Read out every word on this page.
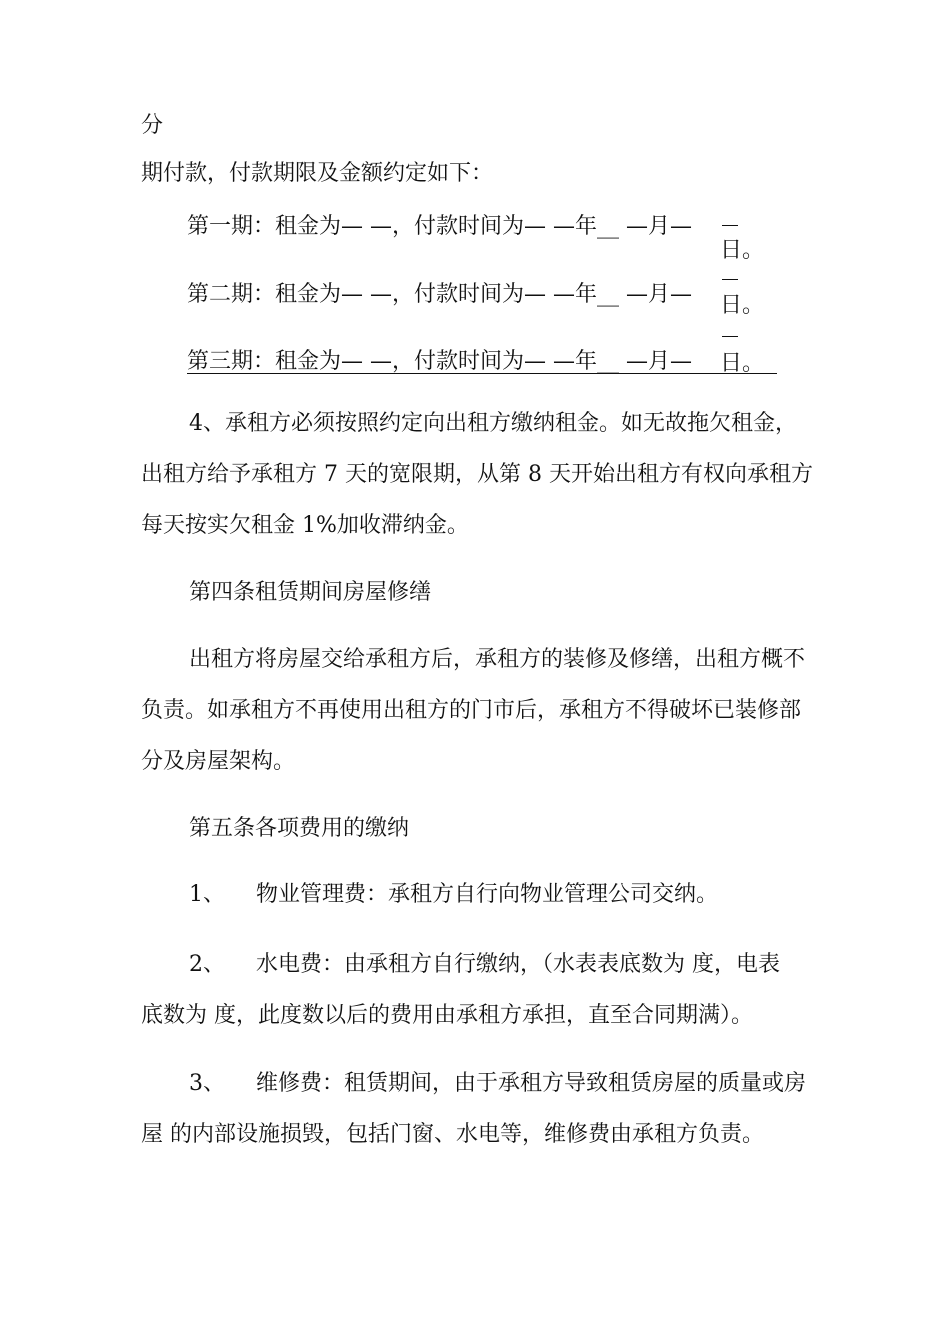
分
期付款，付款期限及金额约定如下：
第一期：租金为— —，付款时间为— —年__ —月—
日。
第二期：租金为— —，付款时间为— —年__ —月— 日。
第三期：租金为— —，付款时间为— —年__ —月— 日。
4、承租方必须按照约定向出租方缴纳租金。如无故拖欠租金，
出租方给予承租方 7 天的宽限期，从第 8 天开始出租方有权向承租方
每天按实欠租金 1%加收滞纳金。
第四条租赁期间房屋修缮
出租方将房屋交给承租方后，承租方的装修及修缮，出租方概不
负责。如承租方不再使用出租方的门市后，承租方不得破坏已装修部
分及房屋架构。
第五条各项费用的缴纳
1、 物业管理费：承租方自行向物业管理公司交纳。
2、 水电费：由承租方自行缴纳，（水表表底数为 度，电表
底数为 度，此度数以后的费用由承租方承担，直至合同期满）。
3、 维修费：租赁期间，由于承租方导致租赁房屋的质量或房
屋 的内部设施损毁，包括门窗、水电等，维修费由承租方负责。
